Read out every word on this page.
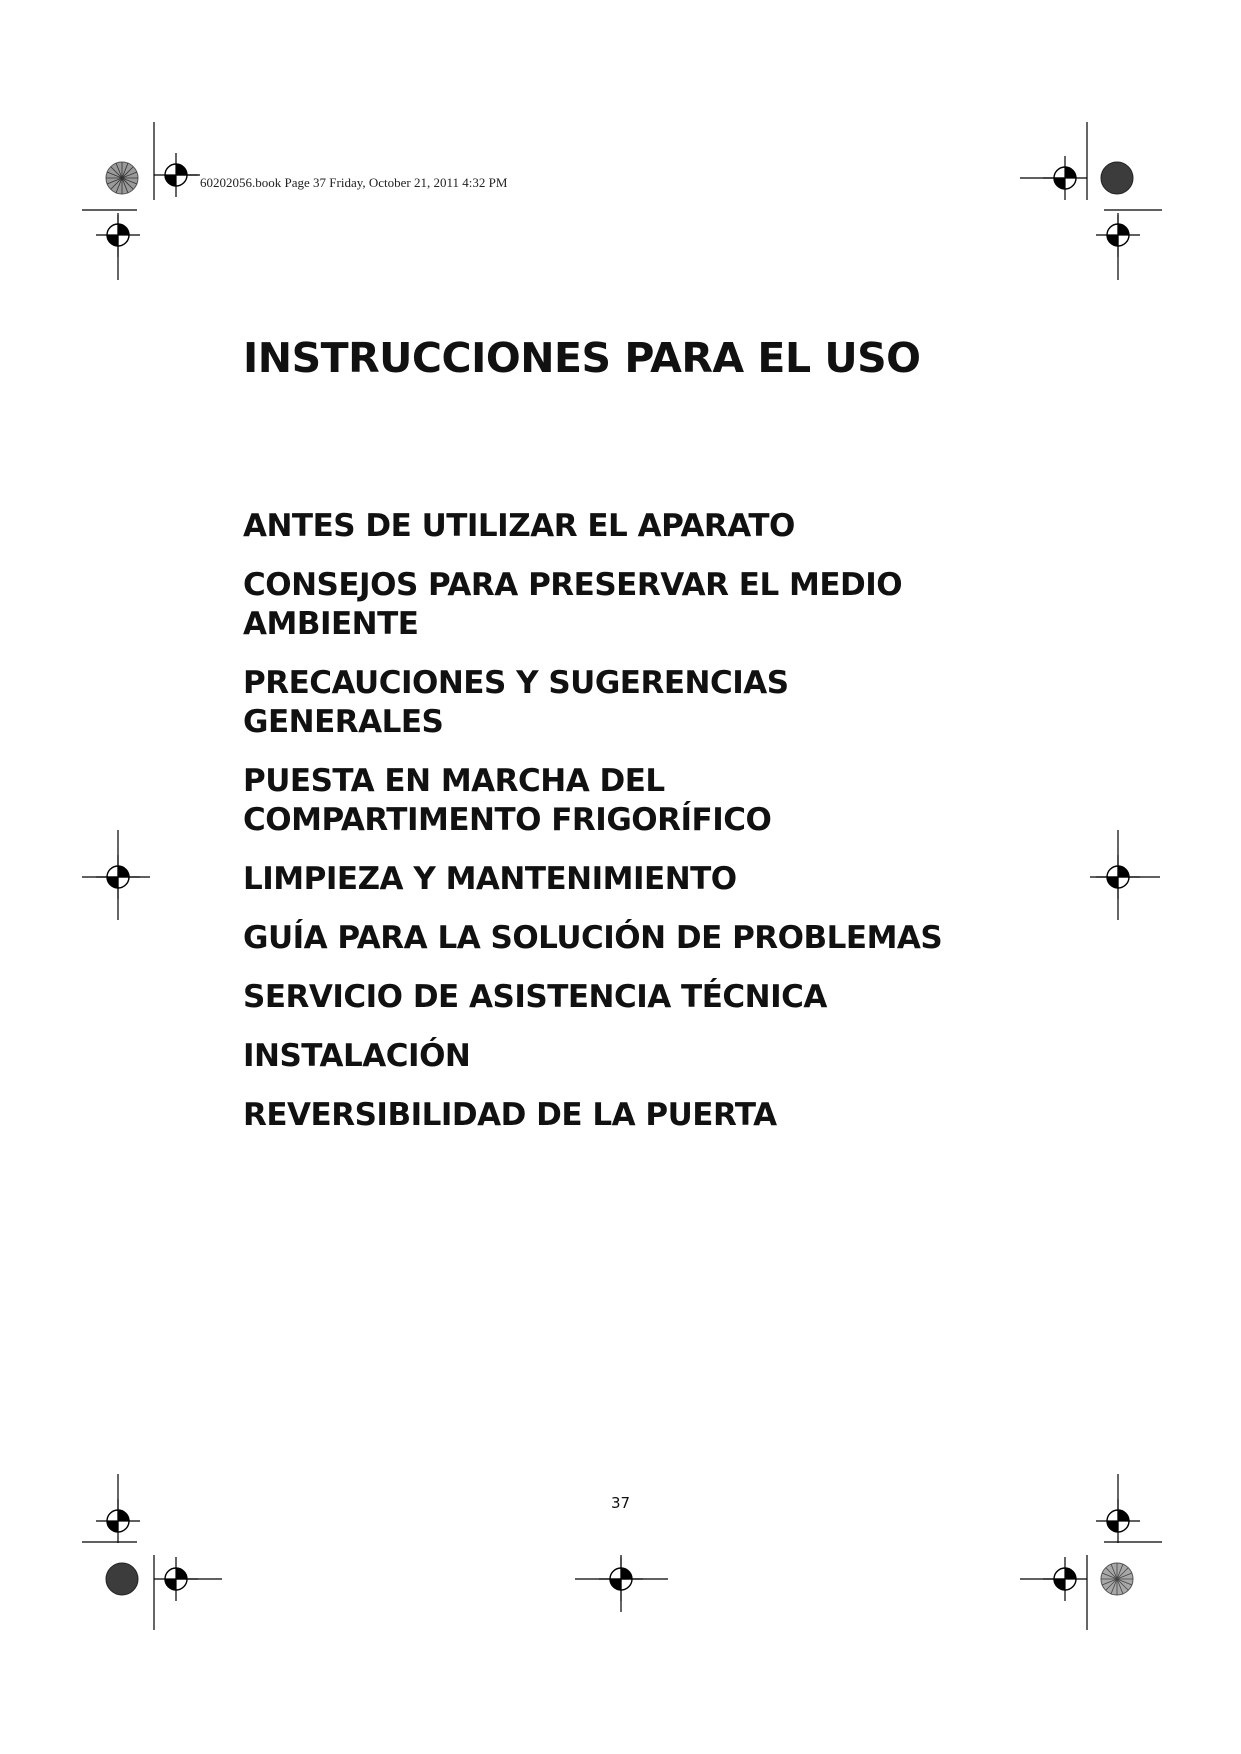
60202056.book Page 37 Friday, October 21, 2011 4:32 PM
INSTRUCCIONES PARA EL USO
ANTES DE UTILIZAR EL APARATO
CONSEJOS PARA PRESERVAR EL MEDIO AMBIENTE
PRECAUCIONES Y SUGERENCIAS GENERALES
PUESTA EN MARCHA DEL COMPARTIMENTO FRIGORÍFICO
LIMPIEZA Y MANTENIMIENTO
GUÍA PARA LA SOLUCIÓN DE PROBLEMAS
SERVICIO DE ASISTENCIA TÉCNICA
INSTALACIÓN
REVERSIBILIDAD DE LA PUERTA
37
